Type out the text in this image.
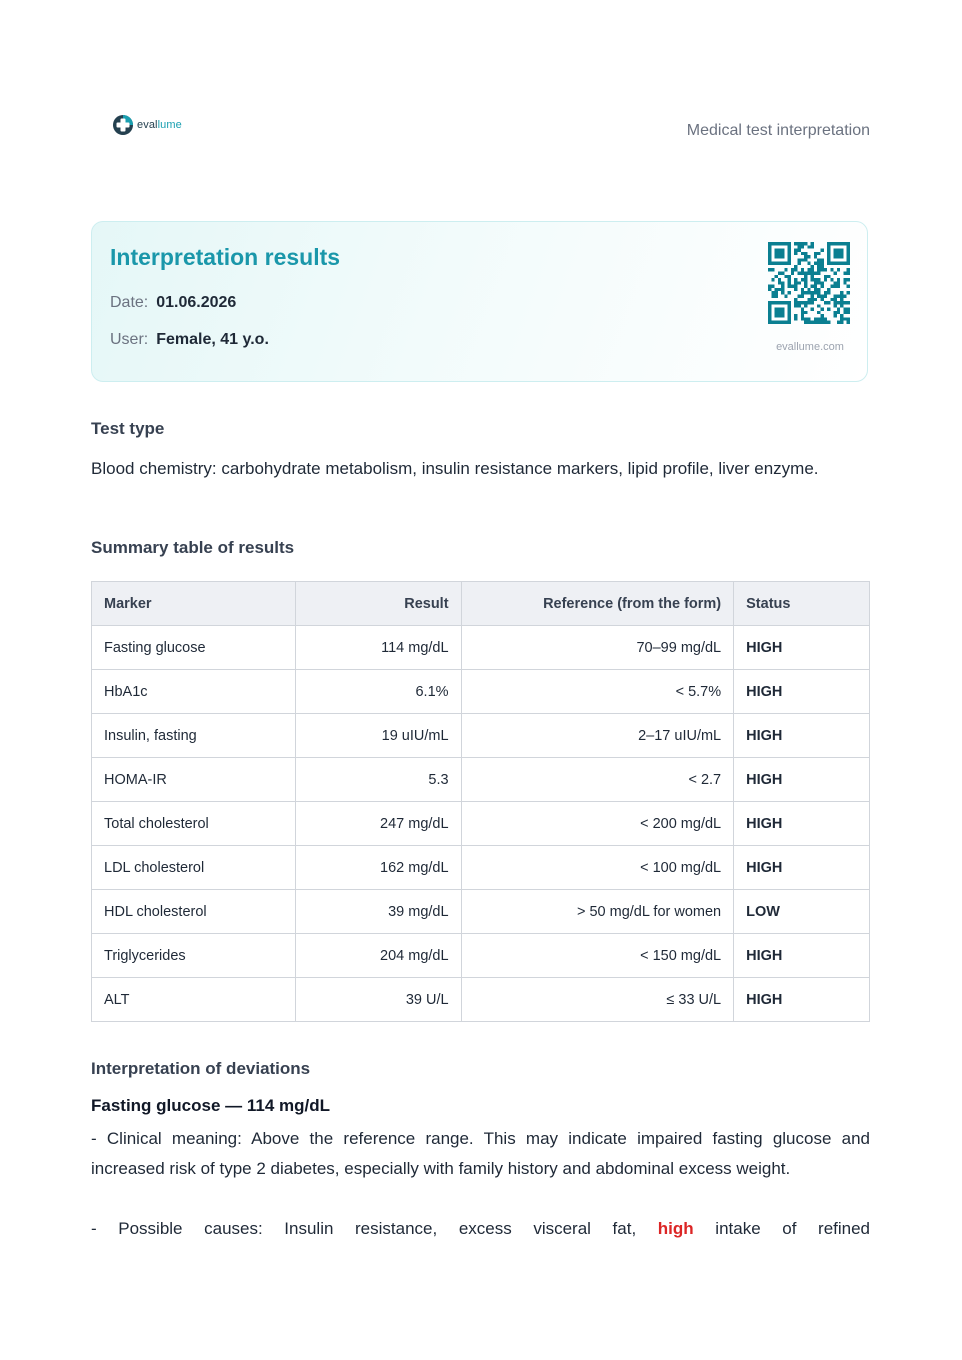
evallume	Medical test interpretation
Interpretation results
Date: 01.06.2026
User: Female, 41 y.o.	evallume.com
Test type
Blood chemistry: carbohydrate metabolism, insulin resistance markers, lipid profile, liver enzyme.
Summary table of results
Marker	Result	Reference (from the form)	Status
Fasting glucose	114 mg/dL	70–99 mg/dL	HIGH
HbA1c	6.1%	< 5.7%	HIGH
Insulin, fasting	19 uIU/mL	2–17 uIU/mL	HIGH
HOMA-IR	5.3	< 2.7	HIGH
Total cholesterol	247 mg/dL	< 200 mg/dL	HIGH
LDL cholesterol	162 mg/dL	< 100 mg/dL	HIGH
HDL cholesterol	39 mg/dL	> 50 mg/dL for women	LOW
Triglycerides	204 mg/dL	< 150 mg/dL	HIGH
ALT	39 U/L	≤ 33 U/L	HIGH
Interpretation of deviations
Fasting glucose — 114 mg/dL
- Clinical meaning: Above the reference range. This may indicate impaired fasting glucose and increased risk of type 2 diabetes, especially with family history and abdominal excess weight.
- Possible causes: Insulin resistance, excess visceral fat, high intake of refined
